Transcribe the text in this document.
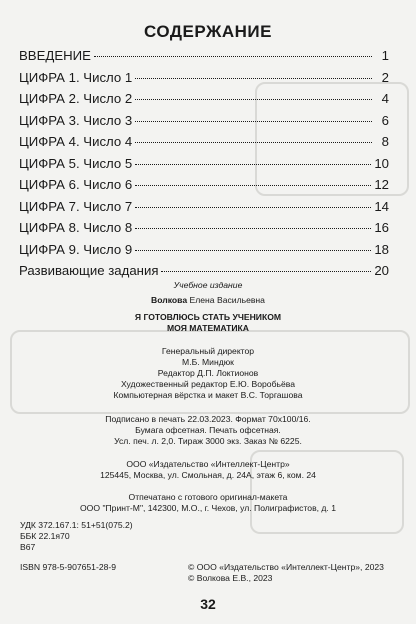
СОДЕРЖАНИЕ
ВВЕДЕНИЕ	1
ЦИФРА 1. Число 1	2
ЦИФРА 2. Число 2	4
ЦИФРА 3. Число 3	6
ЦИФРА 4. Число 4	8
ЦИФРА 5. Число 5	10
ЦИФРА 6. Число 6	12
ЦИФРА 7. Число 7	14
ЦИФРА 8. Число 8	16
ЦИФРА 9. Число 9	18
Развивающие задания	20
Учебное издание
Волкова Елена Васильевна
Я ГОТОВЛЮСЬ СТАТЬ УЧЕНИКОМ
МОЯ МАТЕМАТИКА
Генеральный директор
М.Б. Миндюк
Редактор Д.П. Локтионов
Художественный редактор Е.Ю. Воробьёва
Компьютерная вёрстка и макет В.С. Торгашова
Подписано в печать 22.03.2023. Формат 70x100/16.
Бумага офсетная. Печать офсетная.
Усл. печ. л. 2,0. Тираж 3000 экз. Заказ № 6225.
ООО «Издательство «Интеллект-Центр»
125445, Москва, ул. Смольная, д. 24А, этаж 6, ком. 24
Отпечатано с готового оригинал-макета
ООО "Принт-М", 142300, М.О., г. Чехов, ул. Полиграфистов, д. 1
УДК 372.167.1: 51+51(075.2)
ББК 22.1я70
В67
ISBN 978-5-907651-28-9	© ООО «Издательство «Интеллект-Центр», 2023
© Волкова Е.В., 2023
32
